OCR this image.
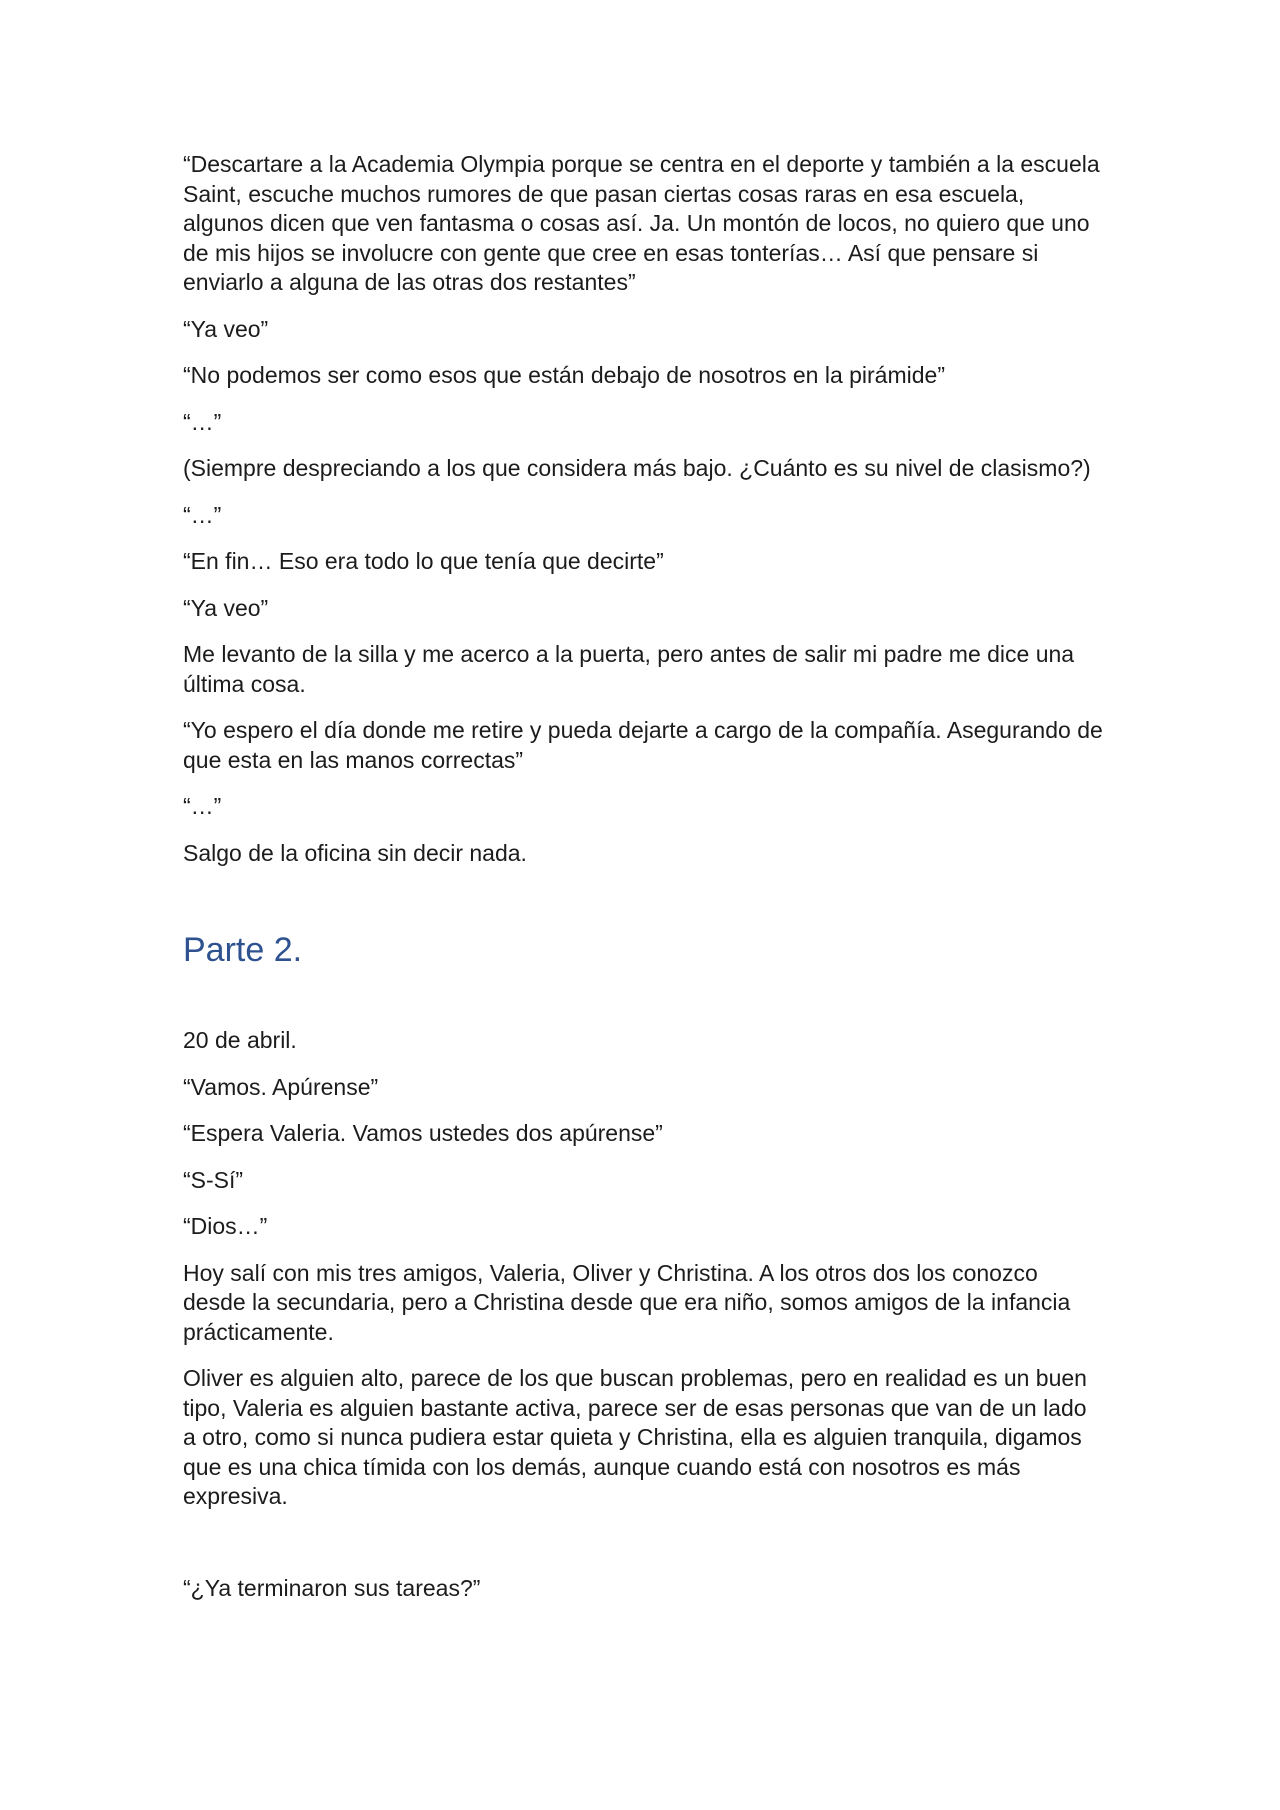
“Descartare a la Academia Olympia porque se centra en el deporte y también a la escuela Saint, escuche muchos rumores de que pasan ciertas cosas raras en esa escuela, algunos dicen que ven fantasma o cosas así. Ja. Un montón de locos, no quiero que uno de mis hijos se involucre con gente que cree en esas tonterías… Así que pensare si enviarlo a alguna de las otras dos restantes”

“Ya veo”

“No podemos ser como esos que están debajo de nosotros en la pirámide”

“…”

(Siempre despreciando a los que considera más bajo. ¿Cuánto es su nivel de clasismo?)

“…”

“En fin… Eso era todo lo que tenía que decirte”

“Ya veo”

Me levanto de la silla y me acerco a la puerta, pero antes de salir mi padre me dice una última cosa.

“Yo espero el día donde me retire y pueda dejarte a cargo de la compañía. Asegurando de que esta en las manos correctas”

“…”

Salgo de la oficina sin decir nada.

Parte 2.

20 de abril.

“Vamos. Apúrense”

“Espera Valeria. Vamos ustedes dos apúrense”

“S-Sí”

“Dios…”

Hoy salí con mis tres amigos, Valeria, Oliver y Christina. A los otros dos los conozco desde la secundaria, pero a Christina desde que era niño, somos amigos de la infancia prácticamente.

Oliver es alguien alto, parece de los que buscan problemas, pero en realidad es un buen tipo, Valeria es alguien bastante activa, parece ser de esas personas que van de un lado a otro, como si nunca pudiera estar quieta y Christina, ella es alguien tranquila, digamos que es una chica tímida con los demás, aunque cuando está con nosotros es más expresiva.

“¿Ya terminaron sus tareas?”
